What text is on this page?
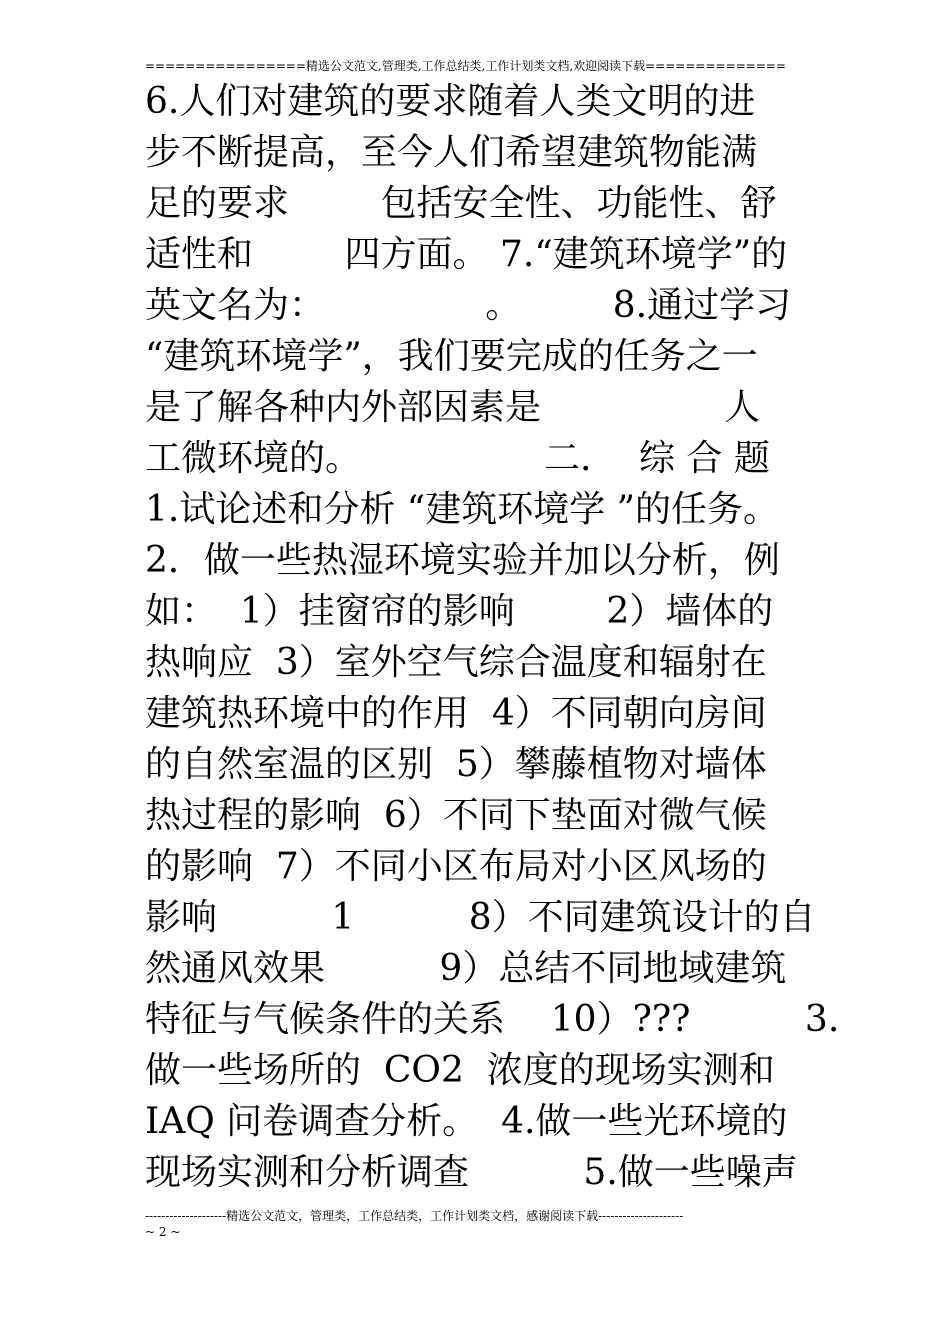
================精选公文范文,管理类,工作总结类,工作计划类文档,欢迎阅读下载==============
6.人们对建筑的要求随着人类文明的进
步不断提高，至今人们希望建筑物能满
足的要求        包括安全性、功能性、舒
适性和        四方面。 7.“建筑环境学”的
英文名为：              。        8.通过学习
“建筑环境学”，我们要完成的任务之一
是了解各种内外部因素是                人
工微环境的。                二．  综 合 题
1.试论述和分析 “建筑环境学 ”的任务。
2．做一些热湿环境实验并加以分析，例
如：  1）挂窗帘的影响        2）墙体的
热响应  3）室外空气综合温度和辐射在
建筑热环境中的作用  4）不同朝向房间
的自然室温的区别  5）攀藤植物对墙体
热过程的影响  6）不同下垫面对微气候
的影响  7）不同小区布局对小区风场的
影响          1          8）不同建筑设计的自
然通风效果          9）总结不同地域建筑
特征与气候条件的关系    10）???          3.
做一些场所的  CO2  浓度的现场实测和
IAQ 问卷调查分析。  4.做一些光环境的
现场实测和分析调查          5.做一些噪声
--------------------精选公文范文，管理类，工作总结类，工作计划类文档，感谢阅读下载---------------------
~ 2 ~
